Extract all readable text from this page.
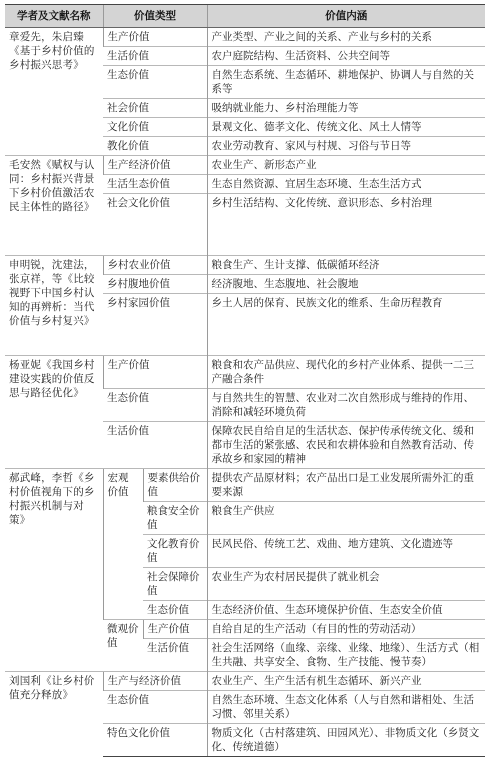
学者及文献名称	价值类型		价值内涵
章爱先，朱启臻《基于乡村价值的乡村振兴思考》	生产价值		产业类型、产业之间的关系、产业与乡村的关系
	生活价值		农户庭院结构、生活资料、公共空间等
	生态价值		自然生态系统、生态循环、耕地保护、协调人与自然的关系等
	社会价值		吸纳就业能力、乡村治理能力等
	文化价值		景观文化、德孝文化、传统文化、风土人情等
	教化价值		农业劳动教育、家风与村规、习俗与节日等
毛安然《赋权与认同：乡村振兴背景下乡村价值激活农民主体性的路径》	生产经济价值		农业生产、新形态产业
	生活生态价值		生态自然资源、宜居生态环境、生态生活方式
	社会文化价值		乡村生活结构、文化传统、意识形态、乡村治理
申明锐，沈建法，张京祥，等《比较视野下中国乡村认知的再辨析：当代价值与乡村复兴》	乡村农业价值		粮食生产、生计支撑、低碳循环经济
	乡村腹地价值		经济腹地、生态腹地、社会腹地
	乡村家园价值		乡土人居的保育、民族文化的维系、生命历程教育
杨亚妮《我国乡村建设实践的价值反思与路径优化》	生产价值		粮食和农产品供应、现代化的乡村产业体系、提供一二三产融合条件
	生态价值		与自然共生的智慧、农业对二次自然形成与维持的作用、消除和减轻环境负荷
	生活价值		保障农民自给自足的生活状态、保护传承传统文化、缓和都市生活的紧张感、农民和农耕体验和自然教育活动、传承故乡和家园的精神
郝武峰，李哲《乡村价值视角下的乡村振兴机制与对策》	宏观价值	要素供给价值	提供农产品原材料；农产品出口是工业发展所需外汇的重要来源
		粮食安全价值	粮食生产供应
		文化教育价值	民风民俗、传统工艺、戏曲、地方建筑、文化遗迹等
		社会保障价值	农业生产为农村居民提供了就业机会
		生态价值	生态经济价值、生态环境保护价值、生态安全价值
	微观价值	生产价值	自给自足的生产活动（有目的性的劳动活动）
		生活价值	社会生活网络（血缘、亲缘、业缘、地缘）、生活方式（相生共融、共享安全、食物、生产技能、慢节奏）
刘国利《让乡村价值充分释放》	生产与经济价值		农业生产、生产生活有机生态循环、新兴产业
	生态价值		自然生态环境、生态文化体系（人与自然和谐相处、生活习惯、邻里关系）
	特色文化价值		物质文化（古村落建筑、田园风光）、非物质文化（乡贤文化、传统道德）
